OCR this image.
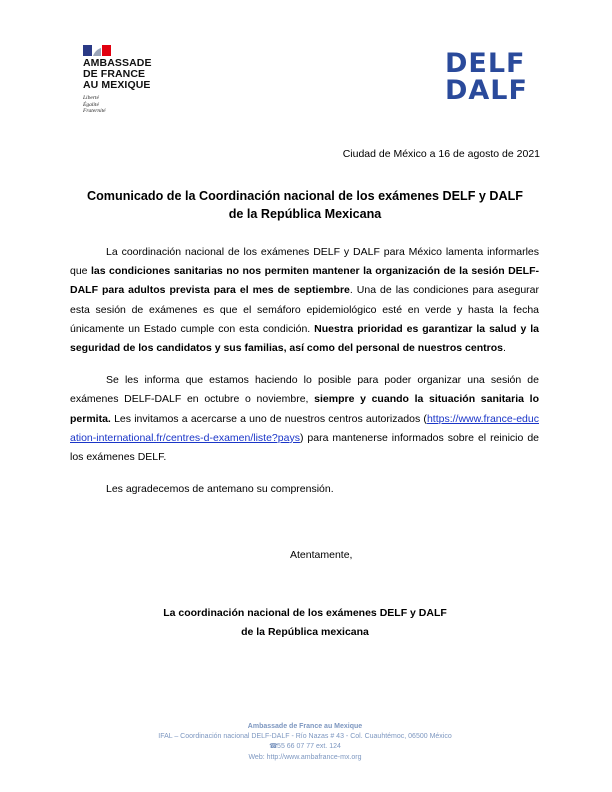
AMBASSADE
DE FRANCE
AU MEXIQUE
Liberté
Égalité
Fraternité
DELF
DALF
Ciudad de México a 16 de agosto de 2021
Comunicado de la Coordinación nacional de los exámenes DELF y DALF
de la República Mexicana

La coordinación nacional de los exámenes DELF y DALF para México lamenta informarles que las condiciones sanitarias no nos permiten mantener la organización de la sesión DELF-DALF para adultos prevista para el mes de septiembre. Una de las condiciones para asegurar esta sesión de exámenes es que el semáforo epidemiológico esté en verde y hasta la fecha únicamente un Estado cumple con esta condición. Nuestra prioridad es garantizar la salud y la seguridad de los candidatos y sus familias, así como del personal de nuestros centros.

Se les informa que estamos haciendo lo posible para poder organizar una sesión de exámenes DELF-DALF en octubre o noviembre, siempre y cuando la situación sanitaria lo permita. Les invitamos a acercarse a uno de nuestros centros autorizados (https://www.france-education-international.fr/centres-d-examen/liste?pays) para mantenerse informados sobre el reinicio de los exámenes DELF.

Les agradecemos de antemano su comprensión.

Atentamente,
La coordinación nacional de los exámenes DELF y DALF
de la República mexicana
Ambassade de France au Mexique
IFAL – Coordinación nacional DELF-DALF - Río Nazas # 43 - Col. Cuauhtémoc, 06500 México
☎ 55 66 07 77 ext. 124
Web: http://www.ambafrance-mx.org
